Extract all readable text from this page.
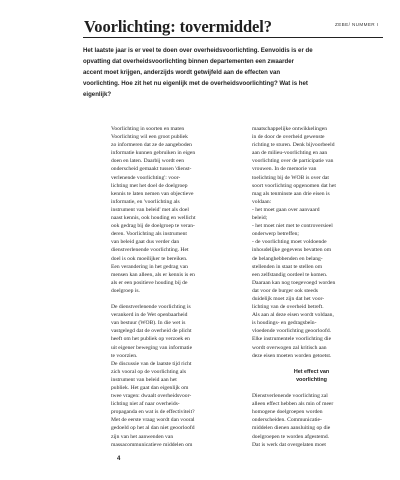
ZEBE/ NUMMER I
Voorlichting: tovermiddel?
Het laatste jaar is er veel te doen over overheidsvoorlichting. Eenvoidis is er de
opvatting dat overheidsvoorlichting binnen departementen een zwaarder
accent moet krijgen, anderzijds wordt getwijfeld aan de effecten van
voorlichting. Hoe zit het nu eigenlijk met de overheidsvoorlichting? Wat is het
eigenlijk?
Voorlichting in soorten en maten
Voorlichting wil een groot publiek
zo informeren dat ze de aangeboden
informatie kunnen gebruiken in eigen
doen en laten. Daarbij wordt een
onderscheid gemaakt tussen 'dienst-
verlenende voorlichting': voor-
lichting met het doel de doelgroep
kennis te laten nemen van objectieve
informatie, en 'voorlichting als
instrument van beleid' met als doel
naast kennis, ook houding en wellicht
ook gedrag bij de doelgroep te veran-
deren. Voorlichting als instrument
van beleid gaat dus verder dan
dienstverlenende voorlichting. Het
doel is ook moeilijker te bereiken.
Een verandering in het gedrag van
mensen kan alleen, als er kennis is en
als er een positieve houding bij de
doelgroep is.
De dienstverlenende voorlichting is
verankerd in de Wet openbaarheid
van bestuur (WOB). In die wet is
vastgelegd dat de overheid de plicht
heeft om het publiek op verzoek en
uit eigener beweging van informatie
te voorzien.
De discussie van de laatste tijd richt
zich vooral op de voorlichting als
instrument van beleid aan het
publiek. Het gaat dan eigenlijk om
twee vragen: dwaalt overheidsvoor-
lichting niet af naar overheids-
propaganda en wat is de effectiviteit?
Met de eerste vraag wordt dan vooral
gedoeld op het al dan niet geoorloofd
zijn van het aanwenden van
massacommunicatieve middelen om
maatschappelijke ontwikkelingen
in de door de overheid gewenste
richting te sturen. Denk bijvoorbeeld
aan de milieu-voorlichting en aan
voorlichting over de participatie van
vrouwen. In de memorie van
toelichting bij de WOB is over dat
soort voorlichting opgenomen dat het
mag als tenminste aan drie eisen is
voldaan:
- het moet gaan over aanvaard
beleid;
- het moet niet met te controversieel
onderwerp betreffen;
- de voorlichting moet voldoende
inhoudelijke gegevens bevatten om
de belanghebbenden en belang-
stellenden in staat te stellen om
een zelfstandig oordeel te komen.
Daaraan kan nog toegevoegd worden
dat voor de burger ook steeds
duidelijk moet zijn dat het voor-
lichting van de overheid betreft.
Als aan al deze eisen wordt voldaan,
is houdings- en gedragsbeïn-
vloedende voorlichting geoorloofd.
Elke instrumentele voorlichting die
wordt overwogen zal kritisch aan
deze eisen moeten worden getoetst.
Het effect van
voorlichting
Dienstverlenende voorlichting zal
alleen effect hebben als min of meer
homogene doelgroepen worden
onderscheiden. Communicatie-
middelen dienen aansluiting op die
doelgroepen te worden afgestemd.
Dat is werk dat overgelaten moet
4
